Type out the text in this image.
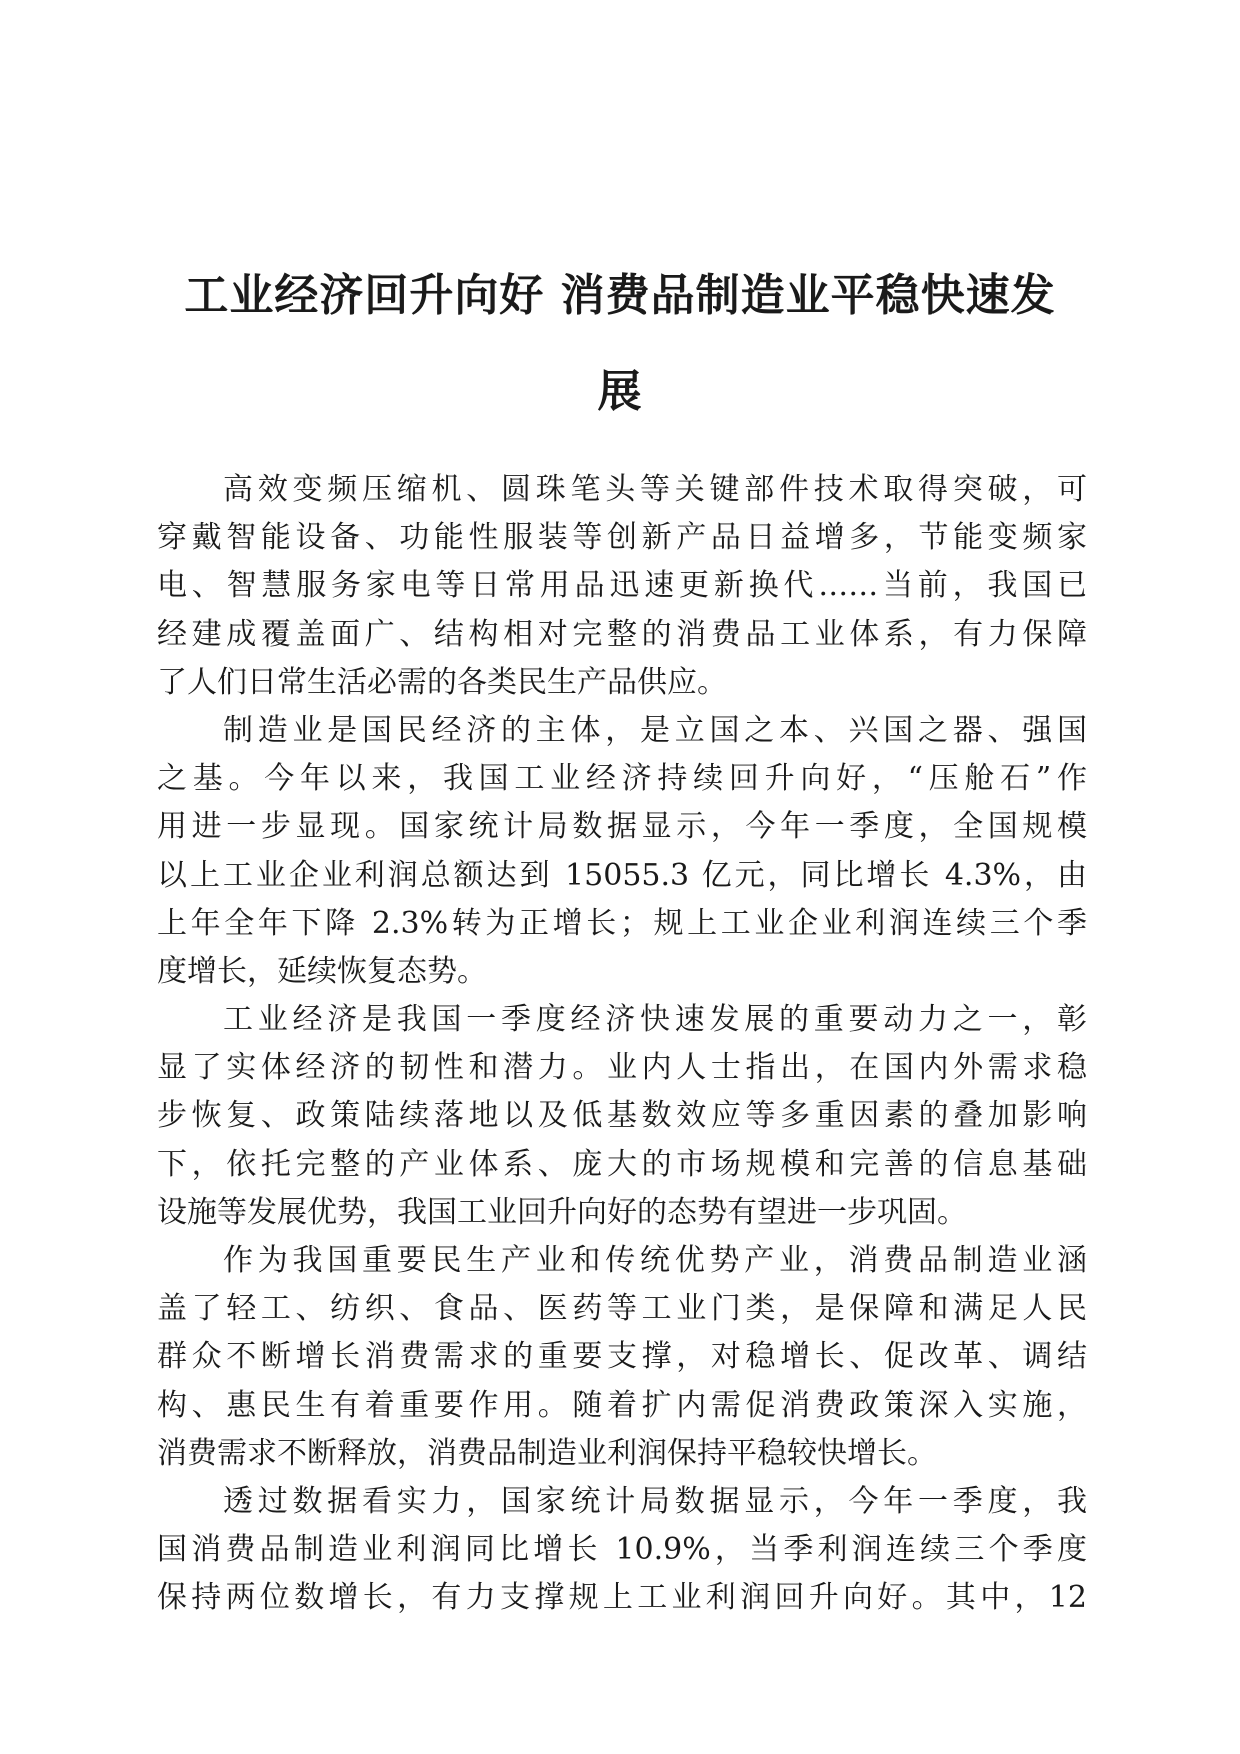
工业经济回升向好 消费品制造业平稳快速发
展
高效变频压缩机、圆珠笔头等关键部件技术取得突破，可
穿戴智能设备、功能性服装等创新产品日益增多，节能变频家
电、智慧服务家电等日常用品迅速更新换代……当前，我国已
经建成覆盖面广、结构相对完整的消费品工业体系，有力保障
了人们日常生活必需的各类民生产品供应。
制造业是国民经济的主体，是立国之本、兴国之器、强国
之基。今年以来，我国工业经济持续回升向好，“压舱石”作
用进一步显现。国家统计局数据显示，今年一季度，全国规模
以上工业企业利润总额达到 15055.3 亿元，同比增长 4.3%，由
上年全年下降 2.3%转为正增长；规上工业企业利润连续三个季
度增长，延续恢复态势。
工业经济是我国一季度经济快速发展的重要动力之一，彰
显了实体经济的韧性和潜力。业内人士指出，在国内外需求稳
步恢复、政策陆续落地以及低基数效应等多重因素的叠加影响
下，依托完整的产业体系、庞大的市场规模和完善的信息基础
设施等发展优势，我国工业回升向好的态势有望进一步巩固。
作为我国重要民生产业和传统优势产业，消费品制造业涵
盖了轻工、纺织、食品、医药等工业门类，是保障和满足人民
群众不断增长消费需求的重要支撑，对稳增长、促改革、调结
构、惠民生有着重要作用。随着扩内需促消费政策深入实施，
消费需求不断释放，消费品制造业利润保持平稳较快增长。
透过数据看实力，国家统计局数据显示，今年一季度，我
国消费品制造业利润同比增长 10.9%，当季利润连续三个季度
保持两位数增长，有力支撑规上工业利润回升向好。其中，12
